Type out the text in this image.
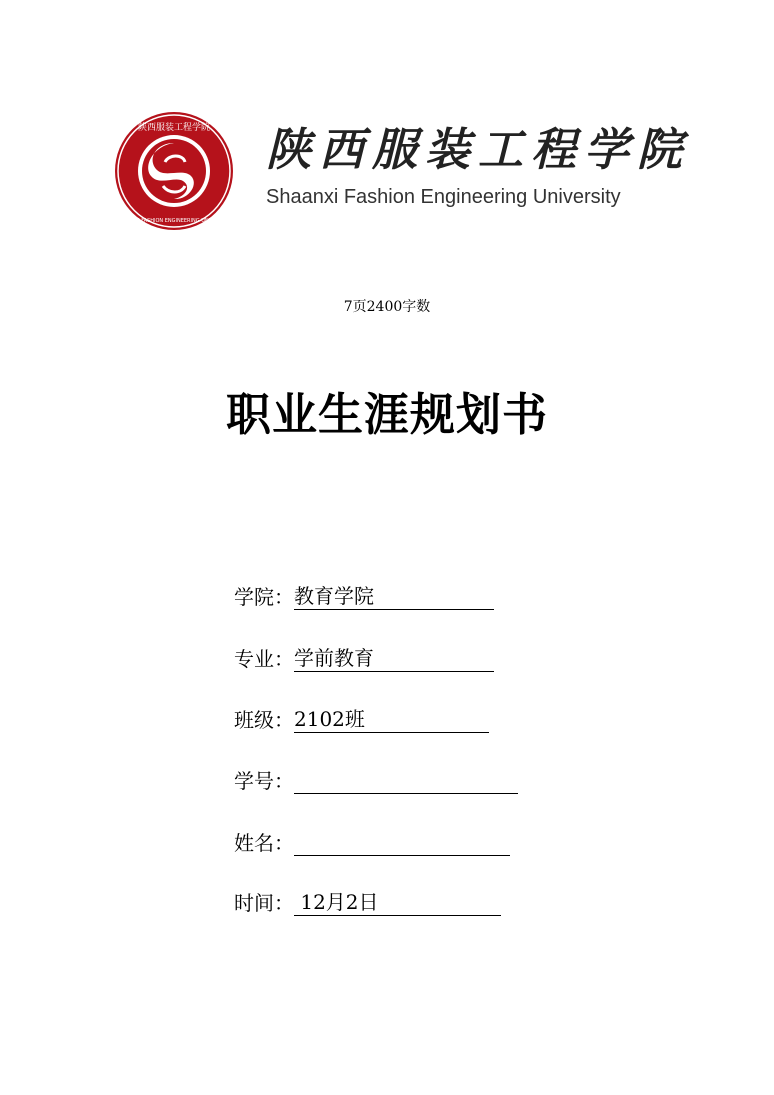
陕西服装工程学院
SHAANXI FASHION ENGINEERING UNIVERSITY
陕西服装工程学院
Shaanxi Fashion Engineering University
7页2400字数
职业生涯规划书
学院： 教育学院
专业： 学前教育
班级： 2102班
学号：
姓名：
时间： 12月2日
